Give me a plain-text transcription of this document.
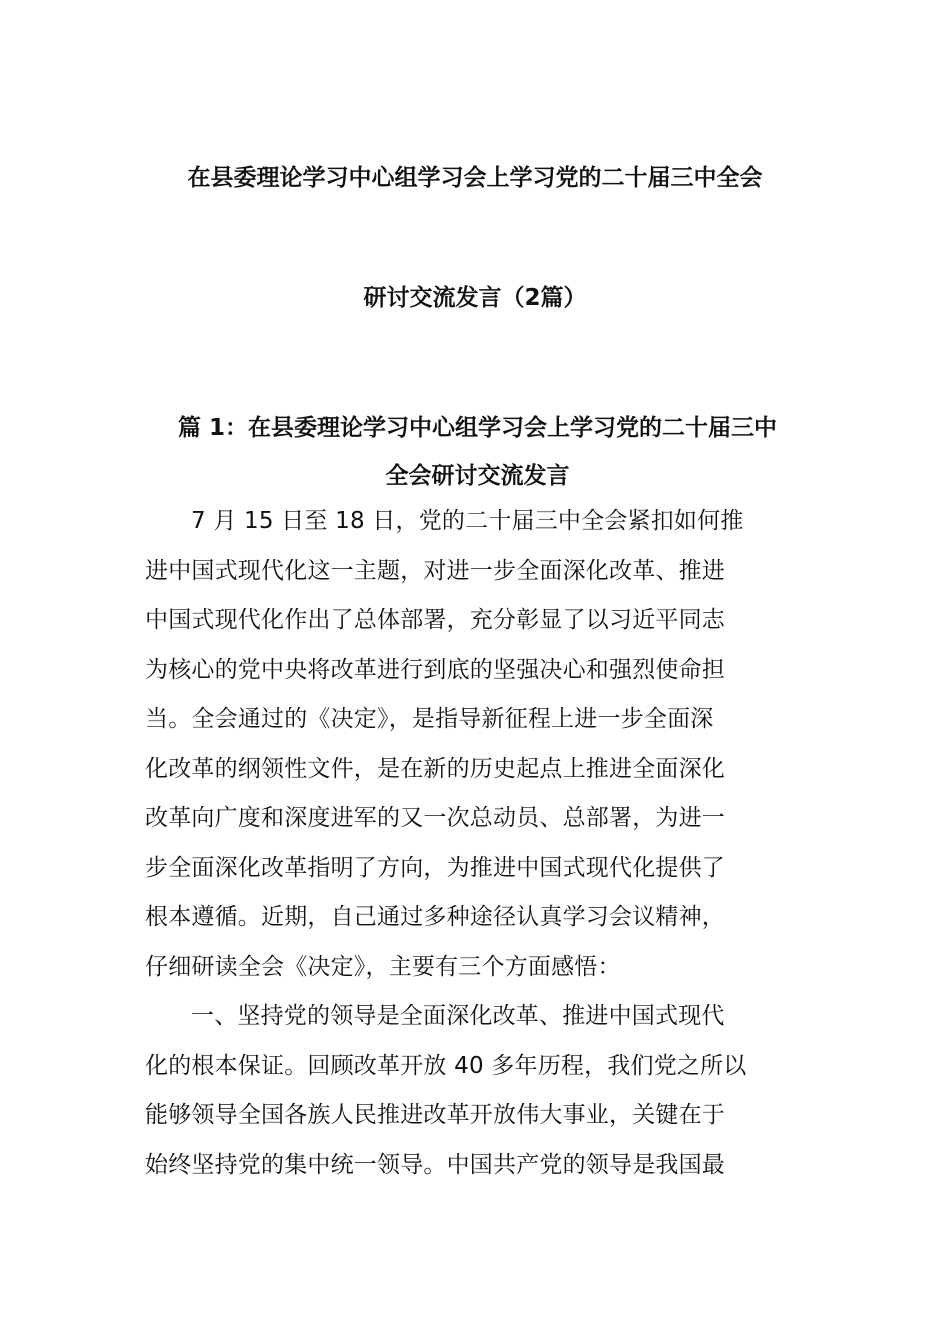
在县委理论学习中心组学习会上学习党的二十届三中全会
研讨交流发言（2篇）
篇 1：在县委理论学习中心组学习会上学习党的二十届三中
全会研讨交流发言
7 月 15 日至 18 日，党的二十届三中全会紧扣如何推
进中国式现代化这一主题，对进一步全面深化改革、推进
中国式现代化作出了总体部署，充分彰显了以习近平同志
为核心的党中央将改革进行到底的坚强决心和强烈使命担
当。全会通过的《决定》，是指导新征程上进一步全面深
化改革的纲领性文件，是在新的历史起点上推进全面深化
改革向广度和深度进军的又一次总动员、总部署，为进一
步全面深化改革指明了方向，为推进中国式现代化提供了
根本遵循。近期，自己通过多种途径认真学习会议精神，
仔细研读全会《决定》，主要有三个方面感悟：
一、坚持党的领导是全面深化改革、推进中国式现代
化的根本保证。回顾改革开放 40 多年历程，我们党之所以
能够领导全国各族人民推进改革开放伟大事业，关键在于
始终坚持党的集中统一领导。中国共产党的领导是我国最
